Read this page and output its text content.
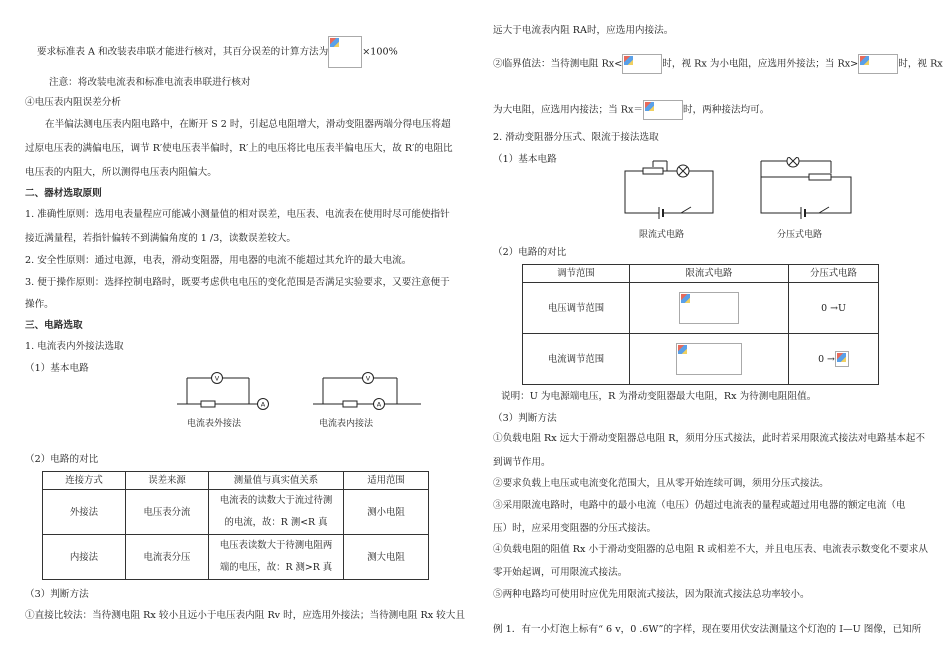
要求标准表 A 和改装表串联才能进行核对，其百分误差的计算方法为	×100%
注意：将改装电流表和标准电流表串联进行核对
④电压表内阻误差分析
在半偏法测电压表内阻电路中，在断开 S 2 时，引起总电阻增大，滑动变阻器两端分得电压将超
过原电压表的满偏电压，调节 R′使电压表半偏时，R′上的电压将比电压表半偏电压大，故 R′的电阻比
电压表的内阻大，所以测得电压表内阻偏大。
二、器材选取原则
1. 准确性原则：选用电表量程应可能减小测量值的相对误差，电压表、电流表在使用时尽可能使指针
接近满量程，若指针偏转不到满偏角度的 1 /3，读数误差较大。
2. 安全性原则：通过电源，电表，滑动变阻器，用电器的电流不能超过其允许的最大电流。
3. 便于操作原则：选择控制电路时，既要考虑供电电压的变化范围是否满足实验要求，又要注意便于
操作。
三、电路选取
1. 电流表内外接法选取
（1）基本电路
V
A
V
A
电流表外接法	电流表内接法
（2）电路的对比
连接方式	误差来源	测量值与真实值关系	适用范围
外接法	电压表分流	电流表的读数大于流过待测
的电流，故：R 测<R 真	测小电阻
内接法	电流表分压	电压表读数大于待测电阻两
端的电压，故：R 测>R 真	测大电阻
（3）判断方法
①直接比较法：当待测电阻 Rx 较小且远小于电压表内阻 Rv 时，应选用外接法；当待测电阻 Rx 较大且
远大于电流表内阻 RA时，应选用内接法。
②临界值法：当待测电阻 Rx<	时，视 Rx 为小电阻，应选用外接法；当 Rx>	时，视 Rx
为大电阻，应选用内接法；当 Rx＝	时，两种接法均可。
2. 滑动变阻器分压式、限流于接法选取
（1）基本电路
限流式电路	分压式电路
（2）电路的对比
调节范围	限流式电路	分压式电路
电压调节范围		0 →U
电流调节范围		0 →
说明：U 为电源端电压，R 为滑动变阻器最大电阻，Rx 为待测电阻阻值。
（3）判断方法
①负载电阻 Rx 远大于滑动变阻器总电阻 R，须用分压式接法，此时若采用限流式接法对电路基本起不
到调节作用。
②要求负载上电压或电流变化范围大，且从零开始连续可调，须用分压式接法。
③采用限流电路时，电路中的最小电流（电压）仍超过电流表的量程或超过用电器的额定电流（电
压）时，应采用变阻器的分压式接法。
④负载电阻的阻值 Rx 小于滑动变阻器的总电阻 R 或相差不大，并且电压表、电流表示数变化不要求从
零开始起调，可用限流式接法。
⑤两种电路均可使用时应优先用限流式接法，因为限流式接法总功率较小。
例 1．有一小灯泡上标有“ 6 v，0 .6W”的字样，现在要用伏安法测量这个灯泡的 I—U 图像，已知所
